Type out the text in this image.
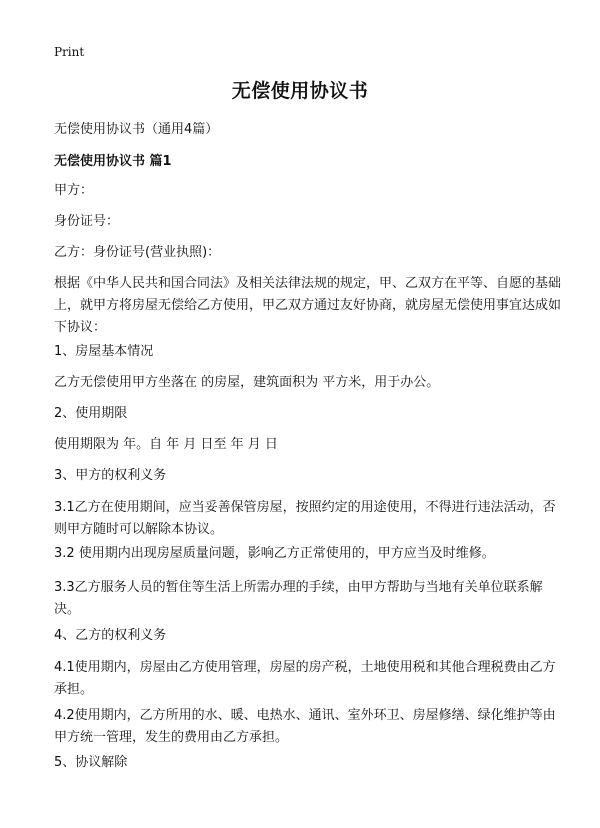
Print
无偿使用协议书

无偿使用协议书（通用4篇）

无偿使用协议书 篇1

甲方：

身份证号：

乙方：身份证号(营业执照)：

根据《中华人民共和国合同法》及相关法律法规的规定，甲、乙双方在平等、自愿的基础上，就甲方将房屋无偿给乙方使用，甲乙双方通过友好协商，就房屋无偿使用事宜达成如下协议：

1、房屋基本情况

乙方无偿使用甲方坐落在 的房屋，建筑面积为 平方米，用于办公。

2、使用期限

使用期限为 年。自 年 月 日至 年 月 日

3、甲方的权利义务

3.1乙方在使用期间，应当妥善保管房屋，按照约定的用途使用，不得进行违法活动，否则甲方随时可以解除本协议。

3.2 使用期内出现房屋质量问题，影响乙方正常使用的，甲方应当及时维修。

3.3乙方服务人员的暂住等生活上所需办理的手续，由甲方帮助与当地有关单位联系解决。

4、乙方的权利义务

4.1使用期内，房屋由乙方使用管理，房屋的房产税，土地使用税和其他合理税费由乙方承担。

4.2使用期内，乙方所用的水、暖、电热水、通讯、室外环卫、房屋修缮、绿化维护等由甲方统一管理，发生的费用由乙方承担。

5、协议解除
